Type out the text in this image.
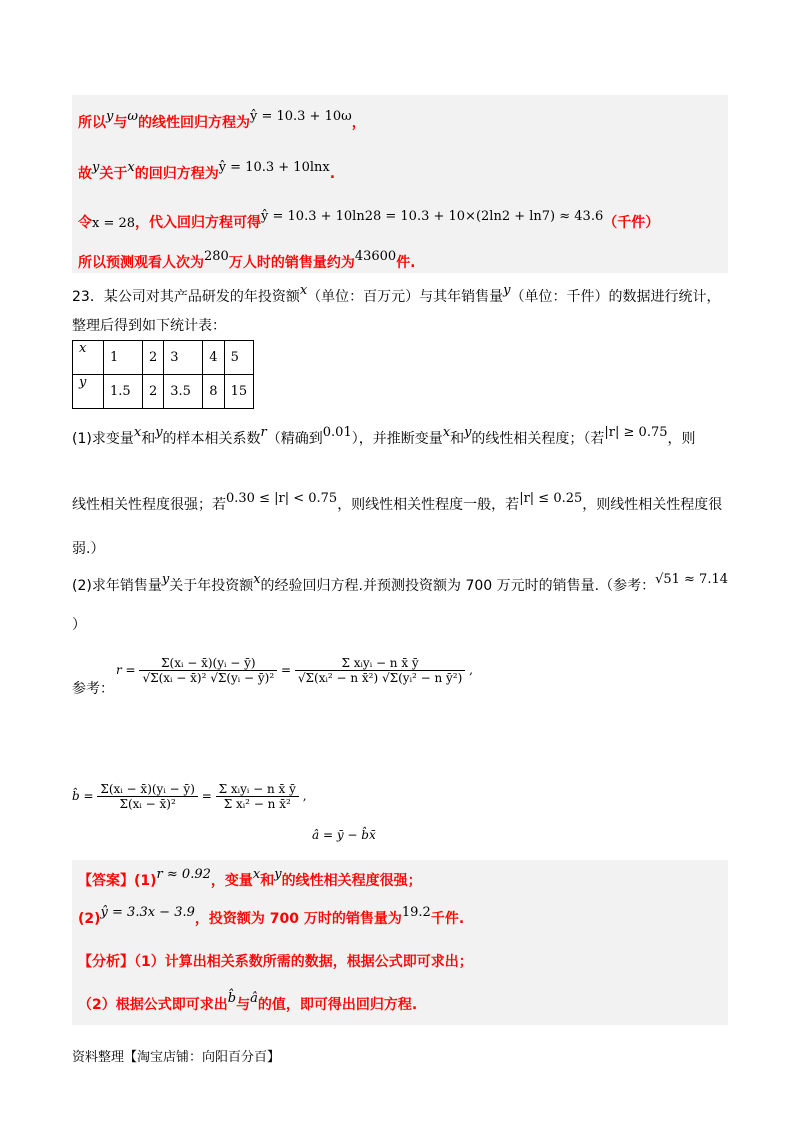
所以y与ω的线性回归方程为ŷ = 10.3 + 10ω，
故y关于x的回归方程为ŷ = 10.3 + 10lnx.
令x = 28，代入回归方程可得ŷ = 10.3 + 10ln28 = 10.3 + 10×(2ln2 + ln7) ≈ 43.6（千件）
所以预测观看人次为280万人时的销售量约为43600件.
23．某公司对其产品研发的年投资额x（单位：百万元）与其年销售量y（单位：千件）的数据进行统计，
整理后得到如下统计表：
x	1	2	3	4	5
y	1.5	2	3.5	8	15
(1)求变量x和y的样本相关系数r（精确到0.01），并推断变量x和y的线性相关程度；（若|r| ≥ 0.75，则
线性相关性程度很强；若0.30 ≤ |r| < 0.75，则线性相关性程度一般，若|r| ≤ 0.25，则线性相关性程度很
弱.）
(2)求年销售量y关于年投资额x的经验回归方程.并预测投资额为 700 万元时的销售量.（参考：√51 ≈ 7.14
）
参考：
$r = \frac{\text{Σ(xᵢ − x̄)(yᵢ − ȳ)}}{\text{√Σ(xᵢ − x̄)² √Σ(yᵢ − ȳ)²}} = \frac{\text{Σ xᵢyᵢ − n x̄ ȳ}}{\text{√Σ(xᵢ² − n x̄²) √Σ(yᵢ² − n ȳ²)}}$ ,
b̂ = $\frac{\text{Σ(xᵢ − x̄)(yᵢ − ȳ)}}{\text{Σ(xᵢ − x̄)²}} = \frac{\text{Σ xᵢyᵢ − n x̄ ȳ}}{\text{Σ xᵢ² − n x̄²}}$ ,
â = ȳ − b̂x̄
【答案】(1)r ≈ 0.92，变量x和y的线性相关程度很强；
(2)ŷ = 3.3x − 3.9，投资额为 700 万时的销售量为19.2千件.
【分析】（1）计算出相关系数所需的数据，根据公式即可求出；
（2）根据公式即可求出b̂与â的值，即可得出回归方程.
资料整理【淘宝店铺：向阳百分百】
